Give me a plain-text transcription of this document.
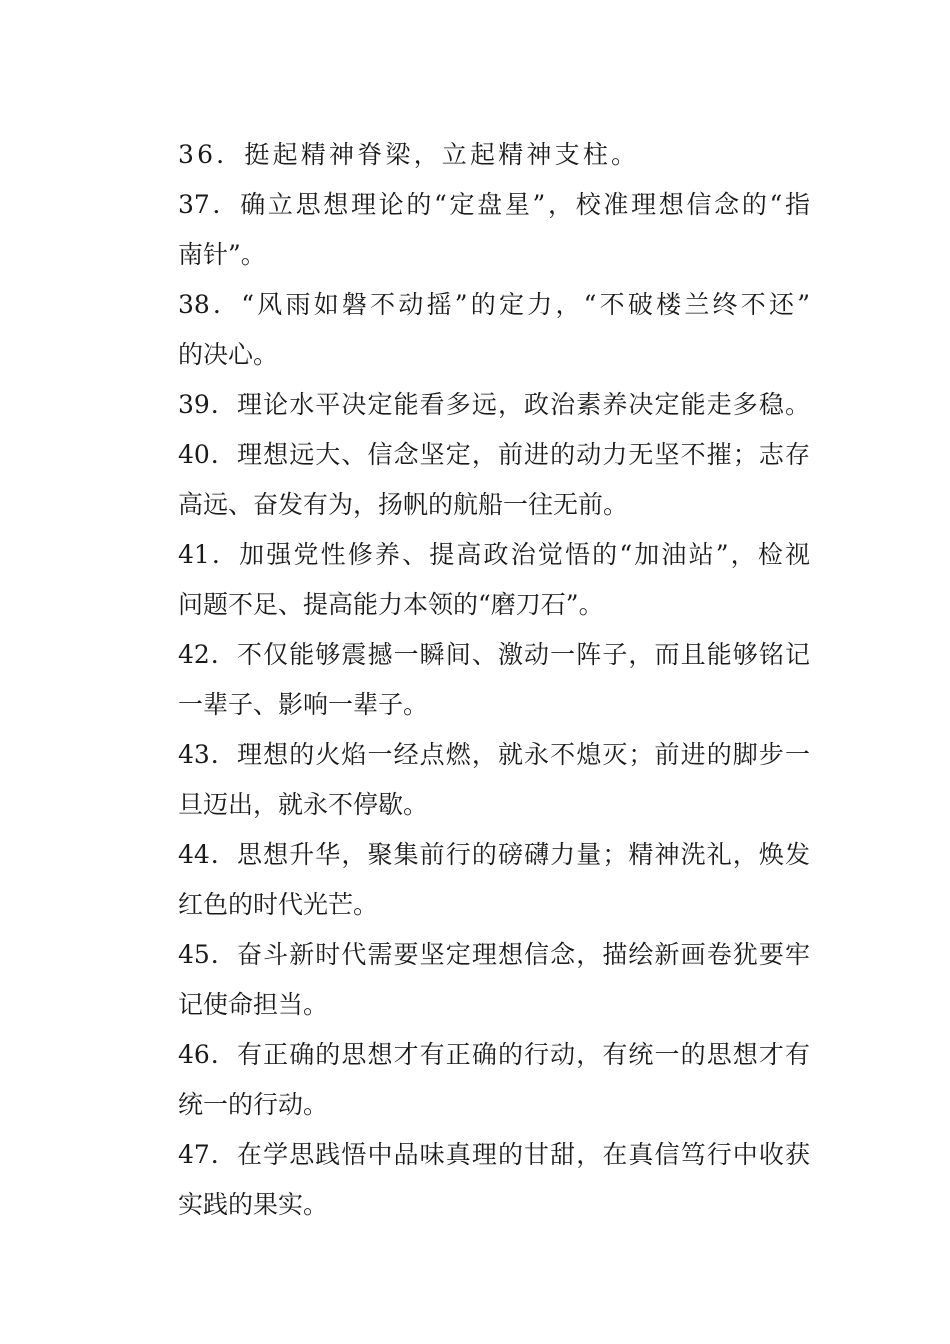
36．挺起精神脊梁，立起精神支柱。
37．确立思想理论的“定盘星”，校准理想信念的“指
南针”。
38．“风雨如磐不动摇”的定力，“不破楼兰终不还”
的决心。
39．理论水平决定能看多远，政治素养决定能走多稳。
40．理想远大、信念坚定，前进的动力无坚不摧；志存
高远、奋发有为，扬帆的航船一往无前。
41．加强党性修养、提高政治觉悟的“加油站”，检视
问题不足、提高能力本领的“磨刀石”。
42．不仅能够震撼一瞬间、激动一阵子，而且能够铭记
一辈子、影响一辈子。
43．理想的火焰一经点燃，就永不熄灭；前进的脚步一
旦迈出，就永不停歇。
44．思想升华，聚集前行的磅礴力量；精神洗礼，焕发
红色的时代光芒。
45．奋斗新时代需要坚定理想信念，描绘新画卷犹要牢
记使命担当。
46．有正确的思想才有正确的行动，有统一的思想才有
统一的行动。
47．在学思践悟中品味真理的甘甜，在真信笃行中收获
实践的果实。
